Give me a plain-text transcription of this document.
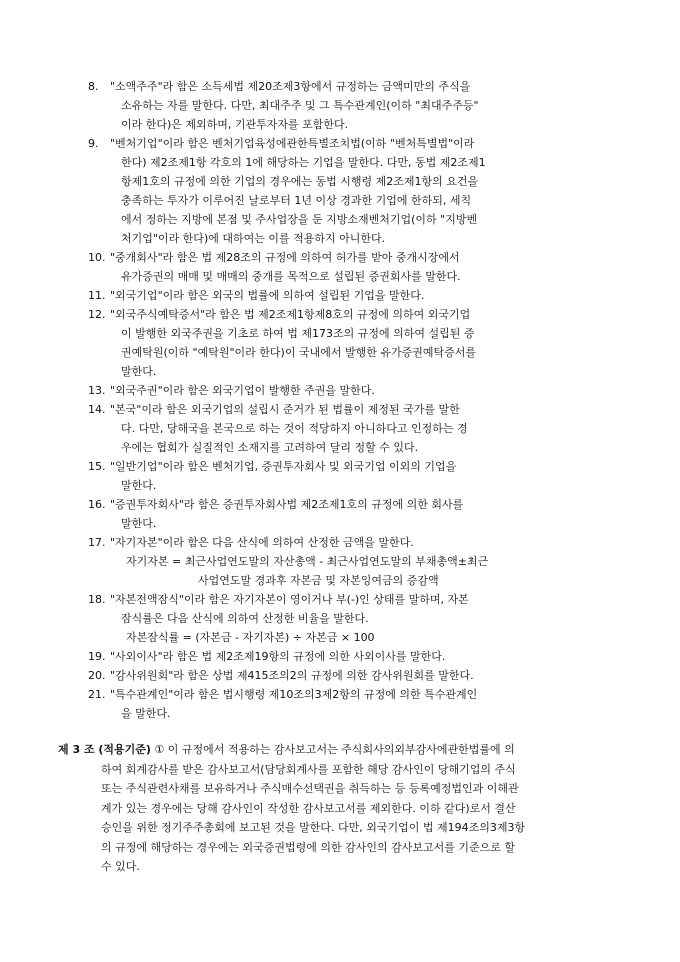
8.	"소액주주"라 함은 소득세법 제20조제3항에서 규정하는 금액미만의 주식을
소유하는 자를 말한다. 다만, 최대주주 및 그 특수관계인(이하 "최대주주등"
이라 한다)은 제외하며, 기관투자자를 포함한다.
9.	"벤처기업"이라 함은 벤처기업육성에관한특별조치법(이하 "벤처특별법"이라
한다) 제2조제1항 각호의 1에 해당하는 기업을 말한다. 다만, 동법 제2조제1
항제1호의 규정에 의한 기업의 경우에는 동법 시행령 제2조제1항의 요건을
충족하는 투자가 이루어진 날로부터 1년 이상 경과한 기업에 한하되, 세칙
에서 정하는 지방에 본점 및 주사업장을 둔 지방소재벤처기업(이하 "지방벤
처기업"이라 한다)에 대하여는 이를 적용하지 아니한다.
10. "중개회사"라 함은 법 제28조의 규정에 의하여 허가를 받아 중개시장에서
유가증권의 매매 및 매매의 중개를 목적으로 설립된 증권회사를 말한다.
11. "외국기업"이라 함은 외국의 법률에 의하여 설립된 기업을 말한다.
12. "외국주식예탁증서"라 함은 법 제2조제1항제8호의 규정에 의하여 외국기업
이 발행한 외국주권을 기초로 하여 법 제173조의 규정에 의하여 설립된 증
권예탁원(이하 "예탁원"이라 한다)이 국내에서 발행한 유가증권예탁증서를
말한다.
13. "외국주권"이라 함은 외국기업이 발행한 주권을 말한다.
14. "본국"이라 함은 외국기업의 설립시 준거가 된 법률이 제정된 국가를 말한
다. 다만, 당해국을 본국으로 하는 것이 적당하지 아니하다고 인정하는 경
우에는 협회가 실질적인 소재지를 고려하여 달리 정할 수 있다.
15. "일반기업"이라 함은 벤처기업, 증권투자회사 및 외국기업 이외의 기업을
말한다.
16. "증권투자회사"라 함은 증권투자회사법 제2조제1호의 규정에 의한 회사를
말한다.
17. "자기자본"이라 함은 다음 산식에 의하여 산정한 금액을 말한다.
자기자본 = 최근사업연도말의 자산총액 - 최근사업연도말의 부채총액±최근
사업연도말 경과후 자본금 및 자본잉여금의 증감액
18. "자본전액잠식"이라 함은 자기자본이 영이거나 부(-)인 상태를 말하며, 자본
잠식률은 다음 산식에 의하여 산정한 비율을 말한다.
자본잠식률 = (자본금 - 자기자본) ÷ 자본금 × 100
19. "사외이사"라 함은 법 제2조제19항의 규정에 의한 사외이사를 말한다.
20. "감사위원회"라 함은 상법 제415조의2의 규정에 의한 감사위원회를 말한다.
21. "특수관계인"이라 함은 법시행령 제10조의3제2항의 규정에 의한 특수관계인
을 말한다.
제 3 조 (적용기준) ① 이 규정에서 적용하는 감사보고서는 주식회사의외부감사에관한법률에 의
하여 회계감사를 받은 감사보고서(담당회계사를 포함한 해당 감사인이 당해기업의 주식
또는 주식관련사채를 보유하거나 주식매수선택권을 취득하는 등 등록예정법인과 이해관
계가 있는 경우에는 당해 감사인이 작성한 감사보고서를 제외한다. 이하 같다)로서 결산
승인을 위한 정기주주총회에 보고된 것을 말한다. 다만, 외국기업이 법 제194조의3제3항
의 규정에 해당하는 경우에는 외국증권법령에 의한 감사인의 감사보고서를 기준으로 할
수 있다.
